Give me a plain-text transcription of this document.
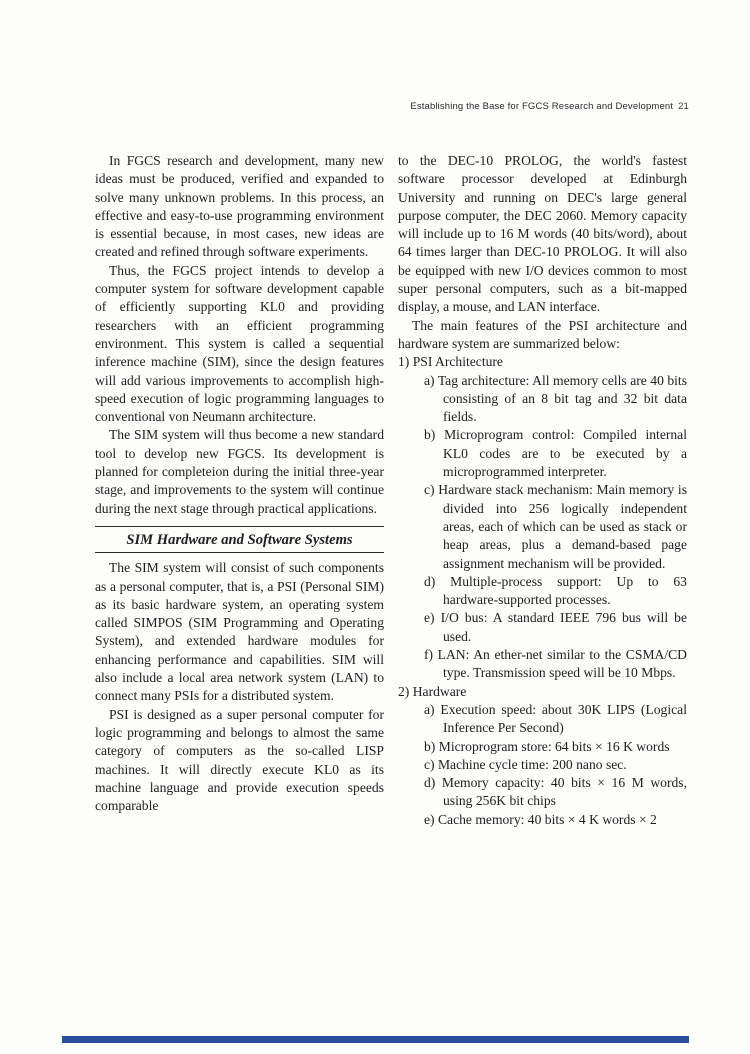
Establishing the Base for FGCS Research and Development 21

In FGCS research and development, many new ideas must be produced, verified and expanded to solve many unknown problems. In this process, an effective and easy-to-use programming environment is essential because, in most cases, new ideas are created and refined through software experiments.

Thus, the FGCS project intends to develop a computer system for software development capable of efficiently supporting KL0 and providing researchers with an efficient programming environment. This system is called a sequential inference machine (SIM), since the design features will add various improvements to accomplish high-speed execution of logic programming languages to conventional von Neumann architecture.

The SIM system will thus become a new standard tool to develop new FGCS. Its development is planned for completeion during the initial three-year stage, and improvements to the system will continue during the next stage through practical applications.

SIM Hardware and Software Systems

The SIM system will consist of such components as a personal computer, that is, a PSI (Personal SIM) as its basic hardware system, an operating system called SIMPOS (SIM Programming and Operating System), and extended hardware modules for enhancing performance and capabilities. SIM will also include a local area network system (LAN) to connect many PSIs for a distributed system.

PSI is designed as a super personal computer for logic programming and belongs to almost the same category of computers as the so-called LISP machines. It will directly execute KL0 as its machine language and provide execution speeds comparable

to the DEC-10 PROLOG, the world's fastest software processor developed at Edinburgh University and running on DEC's large general purpose computer, the DEC 2060. Memory capacity will include up to 16 M words (40 bits/word), about 64 times larger than DEC-10 PROLOG. It will also be equipped with new I/O devices common to most super personal computers, such as a bit-mapped display, a mouse, and LAN interface.

The main features of the PSI architecture and hardware system are summarized below:

1) PSI Architecture
a) Tag architecture: All memory cells are 40 bits consisting of an 8 bit tag and 32 bit data fields.
b) Microprogram control: Compiled internal KL0 codes are to be executed by a microprogrammed interpreter.
c) Hardware stack mechanism: Main memory is divided into 256 logically independent areas, each of which can be used as stack or heap areas, plus a demand-based page assignment mechanism will be provided.
d) Multiple-process support: Up to 63 hardware-supported processes.
e) I/O bus: A standard IEEE 796 bus will be used.
f) LAN: An ether-net similar to the CSMA/CD type. Transmission speed will be 10 Mbps.
2) Hardware
a) Execution speed: about 30K LIPS (Logical Inference Per Second)
b) Microprogram store: 64 bits × 16 K words
c) Machine cycle time: 200 nano sec.
d) Memory capacity: 40 bits × 16 M words, using 256K bit chips
e) Cache memory: 40 bits × 4 K words × 2
